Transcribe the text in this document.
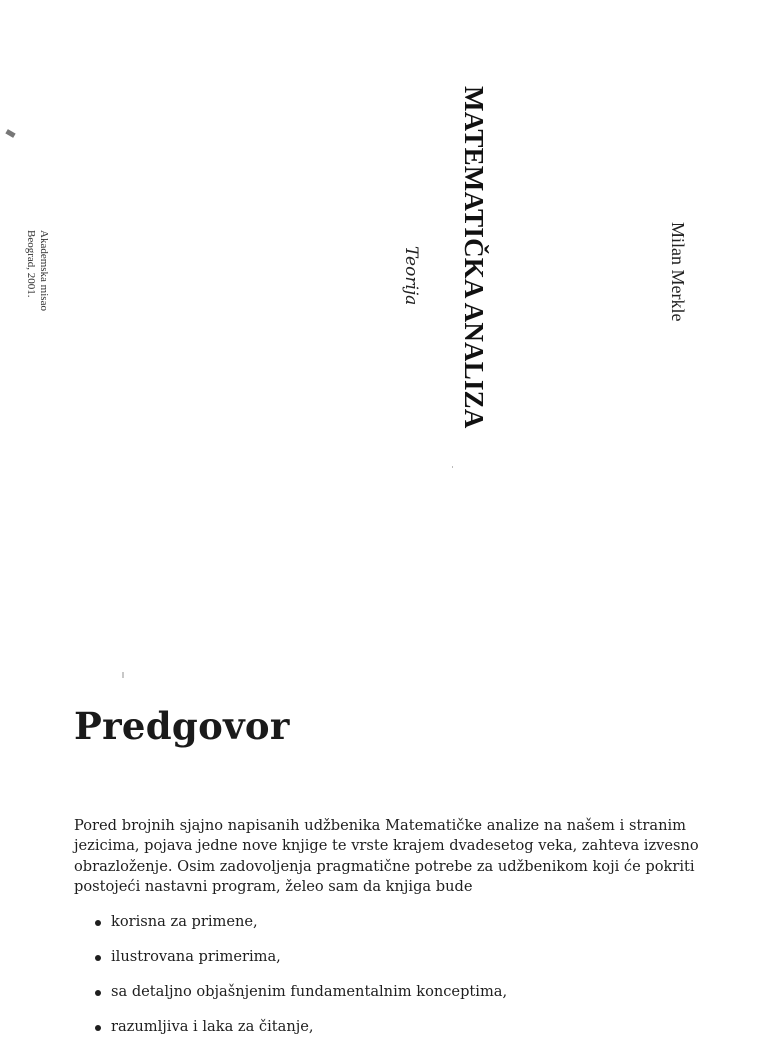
MATEMATIČKA ANALIZA
Teorija	Milan Merkle
Akademska misao
Beograd, 2001.
Predgovor
Pored brojnih sjajno napisanih udžbenika Matematičke analize na našem i stranim
jezicima, pojava jedne nove knjige te vrste krajem dvadesetog veka, zahteva izvesno
obrazloženje. Osim zadovoljenja pragmatične potrebe za udžbenikom koji će pokriti
postojeći nastavni program, želeo sam da knjiga bude
korisna za primene,
ilustrovana primerima,
sa detaljno objašnjenim fundamentalnim konceptima,
razumljiva i laka za čitanje,
